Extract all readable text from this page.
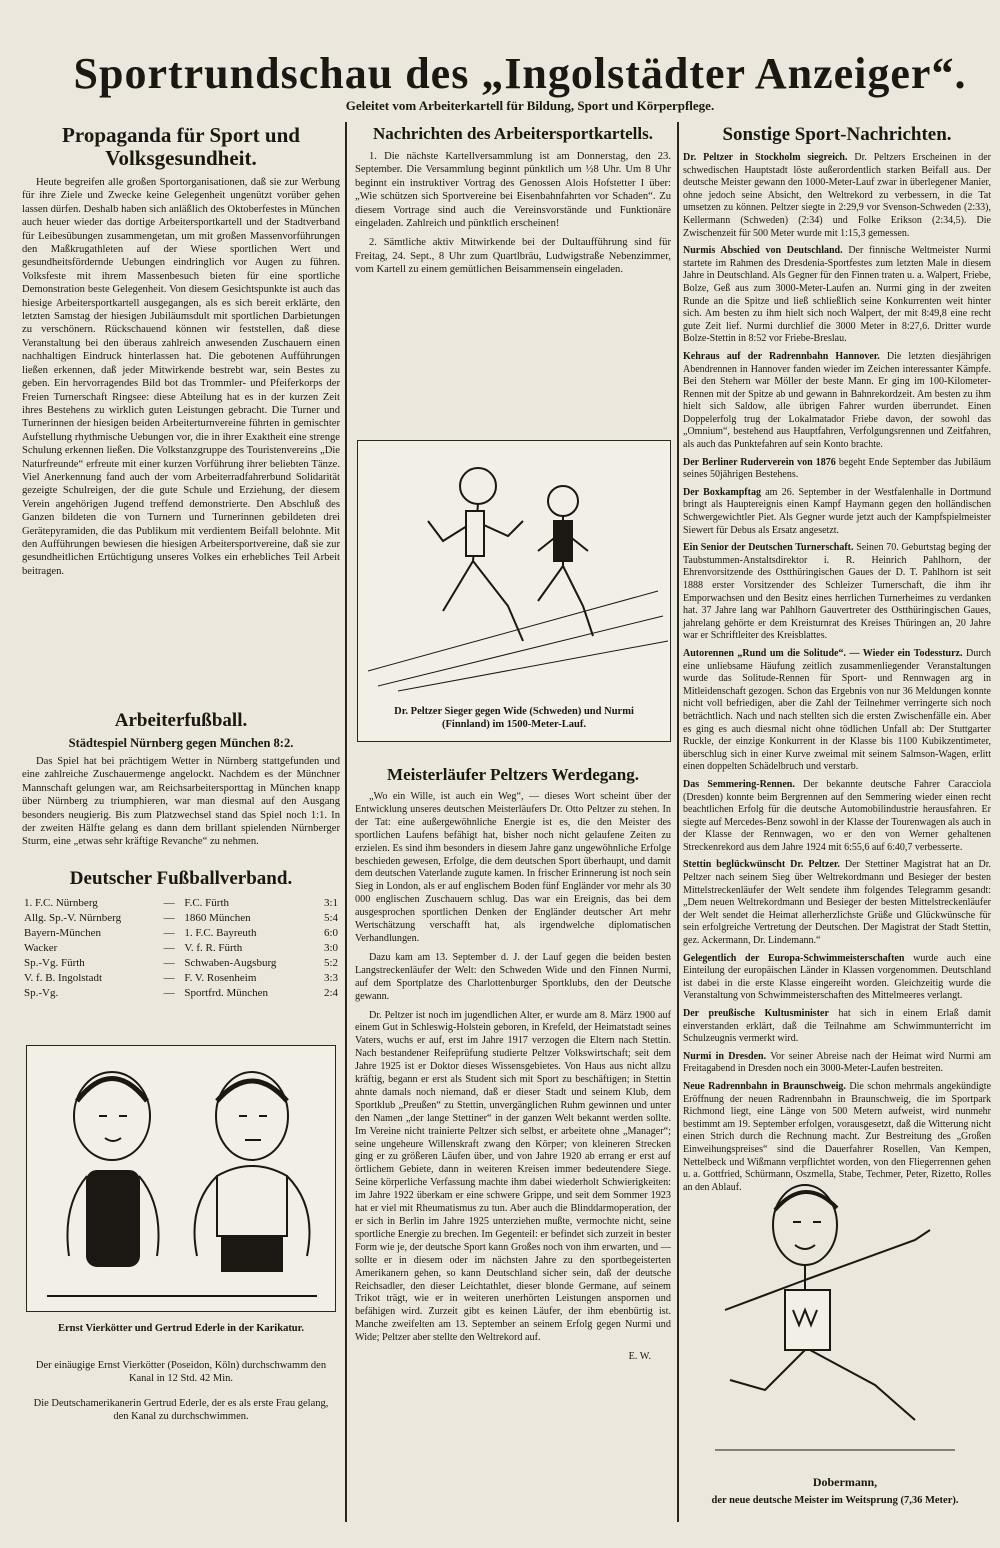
Sportrundschau des „Ingolstädter Anzeiger“.
Geleitet vom Arbeiterkartell für Bildung, Sport und Körperpflege.
Propaganda für Sport und Volksgesundheit.

Heute begreifen alle großen Sportorganisationen, daß sie zur Werbung für ihre Ziele und Zwecke keine Gelegenheit ungenützt vorüber gehen lassen dürfen. Deshalb haben sich anläßlich des Oktoberfestes in München auch heuer wieder das dortige Arbeitersportkartell und der Stadtverband für Leibesübungen zusammengetan, um mit großen Massenvorführungen den Maßkrugathleten auf der Wiese sportlichen Wert und gesundheitsfördernde Uebungen eindringlich vor Augen zu führen. Volksfeste mit ihrem Massenbesuch bieten für eine sportliche Demonstration beste Gelegenheit. Von diesem Gesichtspunkte ist auch das hiesige Arbeitersportkartell ausgegangen, als es sich bereit erklärte, den letzten Samstag der hiesigen Jubiläumsdult mit sportlichen Darbietungen zu verschönern. Rückschauend können wir feststellen, daß diese Veranstaltung bei den überaus zahlreich anwesenden Zuschauern einen nachhaltigen Eindruck hinterlassen hat. Die gebotenen Aufführungen ließen erkennen, daß jeder Mitwirkende bestrebt war, sein Bestes zu geben. Ein hervorragendes Bild bot das Trommler- und Pfeiferkorps der Freien Turnerschaft Ringsee: diese Abteilung hat es in der kurzen Zeit ihres Bestehens zu wirklich guten Leistungen gebracht. Die Turner und Turnerinnen der hiesigen beiden Arbeiterturnvereine führten in gemischter Aufstellung rhythmische Uebungen vor, die in ihrer Exaktheit eine strenge Schulung erkennen ließen. Die Volkstanzgruppe des Touristenvereins „Die Naturfreunde“ erfreute mit einer kurzen Vorführung ihrer beliebten Tänze. Viel Anerkennung fand auch der vom Arbeiterradfahrerbund Solidarität gezeigte Schulreigen, der die gute Schule und Erziehung, der diesem Verein angehörigen Jugend treffend demonstrierte. Den Abschluß des Ganzen bildeten die von Turnern und Turnerinnen gebildeten drei Gerätepyramiden, die das Publikum mit verdientem Beifall belohnte. Mit den Aufführungen bewiesen die hiesigen Arbeitersportvereine, daß sie zur gesundheitlichen Ertüchtigung unseres Volkes ein erhebliches Teil Arbeit beitragen.

Arbeiterfußball.
Städtespiel Nürnberg gegen München 8:2.

Das Spiel hat bei prächtigem Wetter in Nürnberg stattgefunden und eine zahlreiche Zuschauermenge angelockt. Nachdem es der Münchner Mannschaft gelungen war, am Reichsarbeitersporttag in München knapp über Nürnberg zu triumphieren, war man diesmal auf den Ausgang besonders neugierig. Bis zum Platzwechsel stand das Spiel noch 1:1. In der zweiten Hälfte gelang es dann dem brillant spielenden Nürnberger Sturm, eine „etwas sehr kräftige Revanche“ zu nehmen.

Deutscher Fußballverband.
1. F.C. Nürnberg	—	F.C. Fürth	3:1
Allg. Sp.-V. Nürnberg	—	1860 München	5:4
Bayern-München	—	1. F.C. Bayreuth	6:0
Wacker	—	V. f. R. Fürth	3:0
Sp.-Vg. Fürth	—	Schwaben-Augsburg	5:2
V. f. B. Ingolstadt	—	F. V. Rosenheim	3:3
Sp.-Vg.	—	Sportfrd. München	2:4
Ernst Vierkötter und Gertrud Ederle in der Karikatur.
Der einäugige Ernst Vierkötter (Poseidon, Köln) durchschwamm den Kanal in 12 Std. 42 Min.
Die Deutschamerikanerin Gertrud Ederle, der es als erste Frau gelang, den Kanal zu durchschwimmen.
Nachrichten des Arbeitersportkartells.

1. Die nächste Kartellversammlung ist am Donnerstag, den 23. September. Die Versammlung beginnt pünktlich um ½8 Uhr. Um 8 Uhr beginnt ein instruktiver Vortrag des Genossen Alois Hofstetter I über: „Wie schützen sich Sportvereine bei Eisenbahnfahrten vor Schaden“. Zu diesem Vortrage sind auch die Vereinsvorstände und Funktionäre eingeladen. Zahlreich und pünktlich erscheinen!

2. Sämtliche aktiv Mitwirkende bei der Dultaufführung sind für Freitag, 24. Sept., 8 Uhr zum Quartlbräu, Ludwigstraße Nebenzimmer, vom Kartell zu einem gemütlichen Beisammensein eingeladen.

Dr. Peltzer Sieger gegen Wide (Schweden) und Nurmi (Finnland) im 1500-Meter-Lauf.
Meisterläufer Peltzers Werdegang.

„Wo ein Wille, ist auch ein Weg“, — dieses Wort scheint über der Entwicklung unseres deutschen Meisterläufers Dr. Otto Peltzer zu stehen. In der Tat: eine außergewöhnliche Energie ist es, die den Meister des sportlichen Laufens befähigt hat, bisher noch nicht gelaufene Zeiten zu erzielen. Es sind ihm besonders in diesem Jahre ganz ungewöhnliche Erfolge beschieden gewesen, Erfolge, die dem deutschen Sport überhaupt, und damit dem deutschen Vaterlande zugute kamen. In frischer Erinnerung ist noch sein Sieg in London, als er auf englischem Boden fünf Engländer vor mehr als 30 000 englischen Zuschauern schlug. Das war ein Ereignis, das bei dem ausgesprochen sportlichen Denken der Engländer deutscher Art mehr Wertschätzung verschafft hat, als irgendwelche diplomatischen Verhandlungen.

Dazu kam am 13. September d. J. der Lauf gegen die beiden besten Langstreckenläufer der Welt: den Schweden Wide und den Finnen Nurmi, auf dem Sportplatze des Charlottenburger Sportklubs, den der Deutsche gewann.

Dr. Peltzer ist noch im jugendlichen Alter, er wurde am 8. März 1900 auf einem Gut in Schleswig-Holstein geboren, in Krefeld, der Heimatstadt seines Vaters, wuchs er auf, erst im Jahre 1917 verzogen die Eltern nach Stettin. Nach bestandener Reifeprüfung studierte Peltzer Volkswirtschaft; seit dem Jahre 1925 ist er Doktor dieses Wissensgebietes. Von Haus aus nicht allzu kräftig, begann er erst als Student sich mit Sport zu beschäftigen; in Stettin ahnte damals noch niemand, daß er dieser Stadt und seinem Klub, dem Sportklub „Preußen“ zu Stettin, unvergänglichen Ruhm gewinnen und unter den Namen „der lange Stettiner“ in der ganzen Welt bekannt werden sollte. Im Vereine nicht trainierte Peltzer sich selbst, er arbeitete ohne „Manager“; seine ungeheure Willenskraft zwang den Körper; von kleineren Strecken ging er zu größeren Läufen über, und von Jahre 1920 ab errang er erst auf örtlichem Gebiete, dann in weiteren Kreisen immer bedeutendere Siege. Seine körperliche Verfassung machte ihm dabei wiederholt Schwierigkeiten: im Jahre 1922 überkam er eine schwere Grippe, und seit dem Sommer 1923 hat er viel mit Rheumatismus zu tun. Aber auch die Blinddarmoperation, der er sich in Berlin im Jahre 1925 unterziehen mußte, vermochte nicht, seine sportliche Energie zu brechen. Im Gegenteil: er befindet sich zurzeit in bester Form wie je, der deutsche Sport kann Großes noch von ihm erwarten, und — sollte er in diesem oder im nächsten Jahre zu den sportbegeisterten Amerikanern gehen, so kann Deutschland sicher sein, daß der deutsche Reichsadler, den dieser Leichtathlet, dieser blonde Germane, auf seinem Trikot trägt, wie er in weiteren unerhörten Leistungen anspornen und befähigen wird. Zurzeit gibt es keinen Läufer, der ihm ebenbürtig ist. Manche zweifelten am 13. September an seinem Erfolg gegen Nurmi und Wide; Peltzer aber stellte den Weltrekord auf.

E. W.
Sonstige Sport-Nachrichten.

Dr. Peltzer in Stockholm siegreich. Dr. Peltzers Erscheinen in der schwedischen Hauptstadt löste außerordentlich starken Beifall aus. Der deutsche Meister gewann den 1000-Meter-Lauf zwar in überlegener Manier, ohne jedoch seine Absicht, den Weltrekord zu verbessern, in die Tat umsetzen zu können. Peltzer siegte in 2:29,9 vor Svenson-Schweden (2:33), Kellermann (Schweden) (2:34) und Folke Erikson (2:34,5). Die Zwischenzeit für 500 Meter wurde mit 1:15,3 gemessen.

Nurmis Abschied von Deutschland. Der finnische Weltmeister Nurmi startete im Rahmen des Dresdenia-Sportfestes zum letzten Male in diesem Jahre in Deutschland. Als Gegner für den Finnen traten u. a. Walpert, Friebe, Bolze, Geß aus zum 3000-Meter-Laufen an. Nurmi ging in der zweiten Runde an die Spitze und ließ schließlich seine Konkurrenten weit hinter sich. Am besten zu ihm hielt sich noch Walpert, der mit 8:49,8 eine recht gute Zeit lief. Nurmi durchlief die 3000 Meter in 8:27,6. Dritter wurde Bolze-Stettin in 8:52 vor Friebe-Breslau.

Kehraus auf der Radrennbahn Hannover. Die letzten diesjährigen Abendrennen in Hannover fanden wieder im Zeichen interessanter Kämpfe. Bei den Stehern war Möller der beste Mann. Er ging im 100-Kilometer-Rennen mit der Spitze ab und gewann in Bahnrekordzeit. Am besten zu ihm hielt sich Saldow, alle übrigen Fahrer wurden überrundet. Einen Doppelerfolg trug der Lokalmatador Friebe davon, der sowohl das „Omnium“, bestehend aus Hauptfahren, Verfolgungsrennen und Zeitfahren, als auch das Punktefahren auf sein Konto brachte.

Der Berliner Ruderverein von 1876 begeht Ende September das Jubiläum seines 50jährigen Bestehens.

Der Boxkampftag am 26. September in der Westfalenhalle in Dortmund bringt als Hauptereignis einen Kampf Haymann gegen den holländischen Schwergewichtler Piet. Als Gegner wurde jetzt auch der Kampfspielmeister Siewert für Debus als Ersatz angesetzt.

Ein Senior der Deutschen Turnerschaft. Seinen 70. Geburtstag beging der Taubstummen-Anstaltsdirektor i. R. Heinrich Pahlhorn, der Ehrenvorsitzende des Ostthüringischen Gaues der D. T. Pahlhorn ist seit 1888 erster Vorsitzender des Schleizer Turnerschaft, die ihm ihr Emporwachsen und den Besitz eines herrlichen Turnerheimes zu verdanken hat. 37 Jahre lang war Pahlhorn Gauvertreter des Ostthüringischen Gaues, jahrelang gehörte er dem Kreisturnrat des Kreises Thüringen an, 20 Jahre war er Schriftleiter des Kreisblattes.

Autorennen „Rund um die Solitude“. — Wieder ein Todessturz. Durch eine unliebsame Häufung zeitlich zusammenliegender Veranstaltungen wurde das Solitude-Rennen für Sport- und Rennwagen arg in Mitleidenschaft gezogen. Schon das Ergebnis von nur 36 Meldungen konnte nicht voll befriedigen, aber die Zahl der Teilnehmer verringerte sich noch beträchtlich. Nach und nach stellten sich die ersten Zwischenfälle ein. Aber es ging es auch diesmal nicht ohne tödlichen Unfall ab: Der Stuttgarter Ruckle, der einzige Konkurrent in der Klasse bis 1100 Kubikzentimeter, überschlug sich in einer Kurve zweimal mit seinem Salmson-Wagen, erlitt einen doppelten Schädelbruch und verstarb.

Das Semmering-Rennen. Der bekannte deutsche Fahrer Caracciola (Dresden) konnte beim Bergrennen auf den Semmering wieder einen recht beachtlichen Erfolg für die deutsche Automobilindustrie herausfahren. Er siegte auf Mercedes-Benz sowohl in der Klasse der Tourenwagen als auch in der Klasse der Rennwagen, wo er den von Werner gehaltenen Streckenrekord aus dem Jahre 1924 mit 6:55,6 auf 6:40,7 verbesserte.

Stettin beglückwünscht Dr. Peltzer. Der Stettiner Magistrat hat an Dr. Peltzer nach seinem Sieg über Weltrekordmann und Besieger der besten Mittelstreckenläufer der Welt sendete ihm folgendes Telegramm gesandt: „Dem neuen Weltrekordmann und Besieger der besten Mittelstreckenläufer der Welt sendet die Heimat allerherzlichste Grüße und Glückwünsche für sein erfolgreiche Vertretung der Deutschen. Der Magistrat der Stadt Stettin, gez. Ackermann, Dr. Lindemann.“

Gelegentlich der Europa-Schwimmeisterschaften wurde auch eine Einteilung der europäischen Länder in Klassen vorgenommen. Deutschland ist dabei in die erste Klasse eingereiht worden. Gleichzeitig wurde die Veranstaltung von Schwimmeisterschaften des Mittelmeeres verlangt.

Der preußische Kultusminister hat sich in einem Erlaß damit einverstanden erklärt, daß die Teilnahme am Schwimmunterricht im Schulzeugnis vermerkt wird.

Nurmi in Dresden. Vor seiner Abreise nach der Heimat wird Nurmi am Freitagabend in Dresden noch ein 3000-Meter-Laufen bestreiten.

Neue Radrennbahn in Braunschweig. Die schon mehrmals angekündigte Eröffnung der neuen Radrennbahn in Braunschweig, die im Sportpark Richmond liegt, eine Länge von 500 Metern aufweist, wird nunmehr bestimmt am 19. September erfolgen, vorausgesetzt, daß die Witterung nicht einen Strich durch die Rechnung macht. Zur Bestreitung des „Großen Einweihungspreises“ sind die Dauerfahrer Rosellen, Van Kempen, Nettelbeck und Wißmann verpflichtet worden, von den Fliegerrennen gehen u. a. Gottfried, Schürmann, Oszmella, Stabe, Techmer, Peter, Rizetto, Rolles an den Ablauf.

Dobermann,
der neue deutsche Meister im Weitsprung (7,36 Meter).
